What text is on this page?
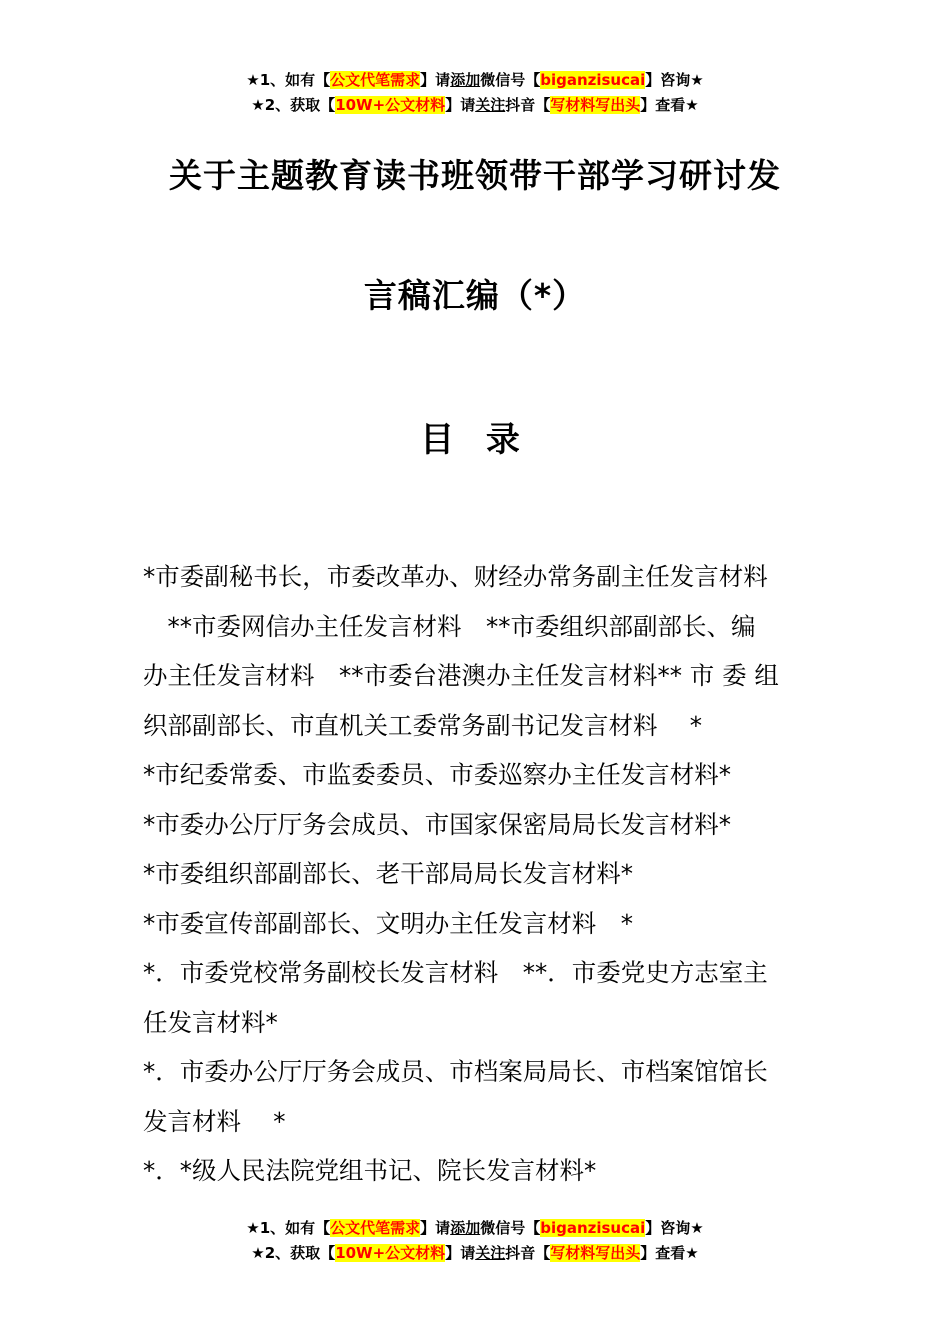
★1、如有【公文代笔需求】请添加微信号【biganzisucai】咨询★
★2、获取【10W+公文材料】请关注抖音【写材料写出头】查看★
关于主题教育读书班领带干部学习研讨发
言稿汇编（*）
目 录
*市委副秘书长，市委改革办、财经办常务副主任发言材料
　**市委网信办主任发言材料　**市委组织部副部长、编
办主任发言材料　**市委台港澳办主任发言材料** 市 委 组
织部副部长、市直机关工委常务副书记发言材料　 *
*市纪委常委、市监委委员、市委巡察办主任发言材料*
*市委办公厅厅务会成员、市国家保密局局长发言材料*
*市委组织部副部长、老干部局局长发言材料*
*市委宣传部副部长、文明办主任发言材料　*
*．市委党校常务副校长发言材料　**．市委党史方志室主
任发言材料*
*．市委办公厅厅务会成员、市档案局局长、市档案馆馆长
发言材料　 *
*．*级人民法院党组书记、院长发言材料*
★1、如有【公文代笔需求】请添加微信号【biganzisucai】咨询★
★2、获取【10W+公文材料】请关注抖音【写材料写出头】查看★
